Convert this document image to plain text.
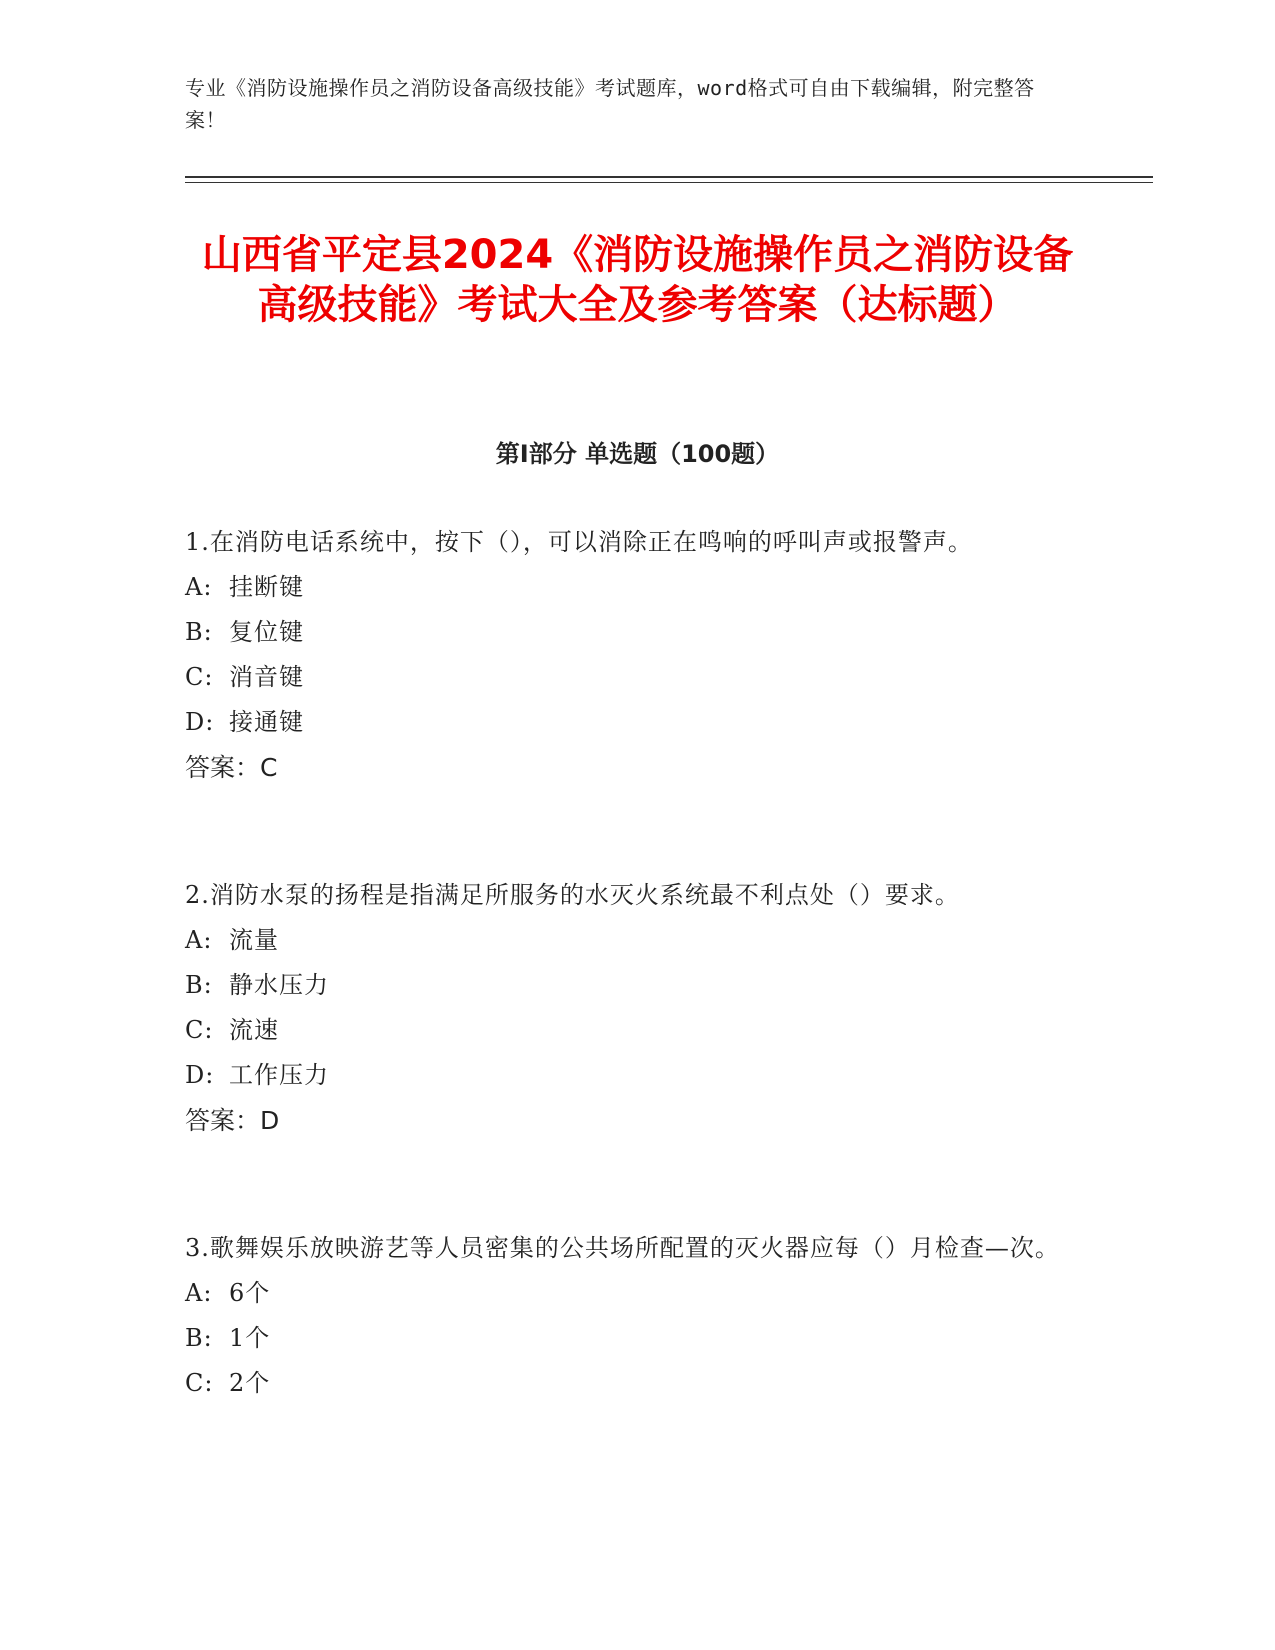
专业《消防设施操作员之消防设备高级技能》考试题库，word格式可自由下载编辑，附完整答案！
山西省平定县2024《消防设施操作员之消防设备高级技能》考试大全及参考答案（达标题）
第I部分 单选题（100题）
1.在消防电话系统中，按下（），可以消除正在鸣响的呼叫声或报警声。
A: 挂断键
B: 复位键
C: 消音键
D: 接通键
答案：C
2.消防水泵的扬程是指满足所服务的水灭火系统最不利点处（）要求。
A: 流量
B: 静水压力
C: 流速
D: 工作压力
答案：D
3.歌舞娱乐放映游艺等人员密集的公共场所配置的灭火器应每（）月检查—次。
A: 6个
B: 1个
C: 2个
